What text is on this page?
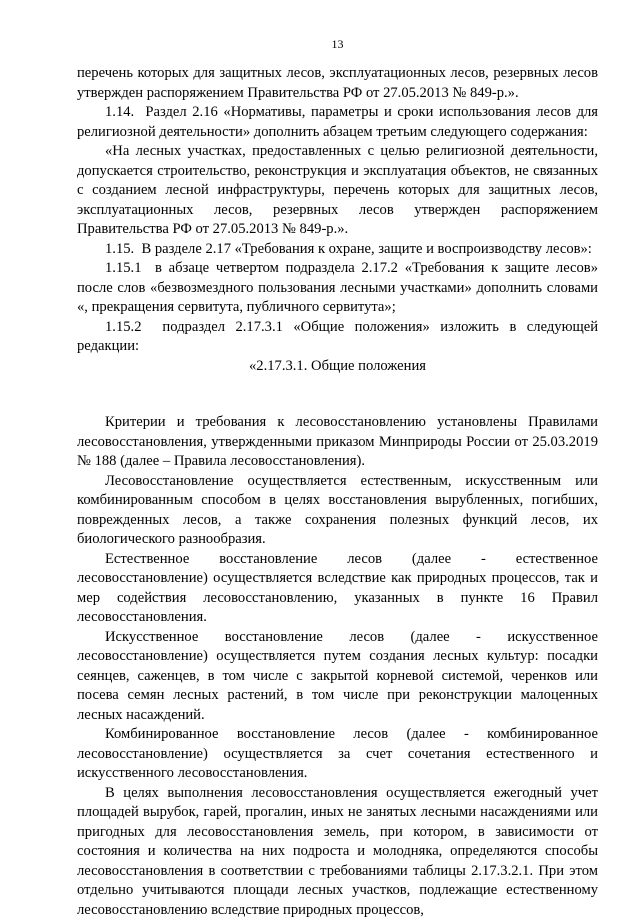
13

перечень которых для защитных лесов, эксплуатационных лесов, резервных лесов утвержден распоряжением Правительства РФ от 27.05.2013 № 849-р.».

1.14.  Раздел 2.16 «Нормативы, параметры и сроки использования лесов для религиозной деятельности» дополнить абзацем третьим следующего содержания:

«На лесных участках, предоставленных с целью религиозной деятельности, допускается строительство, реконструкция и эксплуатация объектов, не связанных с созданием лесной инфраструктуры, перечень которых для защитных лесов, эксплуатационных лесов, резервных лесов утвержден распоряжением Правительства РФ от 27.05.2013 № 849-р.».

1.15.  В разделе 2.17 «Требования к охране, защите и воспроизводству лесов»:

1.15.1  в абзаце четвертом подраздела 2.17.2 «Требования к защите лесов» после слов «безвозмездного пользования лесными участками» дополнить словами «, прекращения сервитута, публичного сервитута»;

1.15.2  подраздел 2.17.3.1 «Общие положения» изложить в следующей редакции:

«2.17.3.1. Общие положения

Критерии и требования к лесовосстановлению установлены Правилами лесовосстановления, утвержденными приказом Минприроды России от 25.03.2019 № 188 (далее – Правила лесовосстановления).

Лесовосстановление осуществляется естественным, искусственным или комбинированным способом в целях восстановления вырубленных, погибших, поврежденных лесов, а также сохранения полезных функций лесов, их биологического разнообразия.

Естественное восстановление лесов (далее - естественное лесовосстановление) осуществляется вследствие как природных процессов, так и мер содействия лесовосстановлению, указанных в пункте 16 Правил лесовосстановления.

Искусственное восстановление лесов (далее - искусственное лесовосстановление) осуществляется путем создания лесных культур: посадки сеянцев, саженцев, в том числе с закрытой корневой системой, черенков или посева семян лесных растений, в том числе при реконструкции малоценных лесных насаждений.

Комбинированное восстановление лесов (далее - комбинированное лесовосстановление) осуществляется за счет сочетания естественного и искусственного лесовосстановления.

В целях выполнения лесовосстановления осуществляется ежегодный учет площадей вырубок, гарей, прогалин, иных не занятых лесными насаждениями или пригодных для лесовосстановления земель, при котором, в зависимости от состояния и количества на них подроста и молодняка, определяются способы лесовосстановления в соответствии с требованиями таблицы 2.17.3.2.1. При этом отдельно учитываются площади лесных участков, подлежащие естественному лесовосстановлению вследствие природных процессов,
